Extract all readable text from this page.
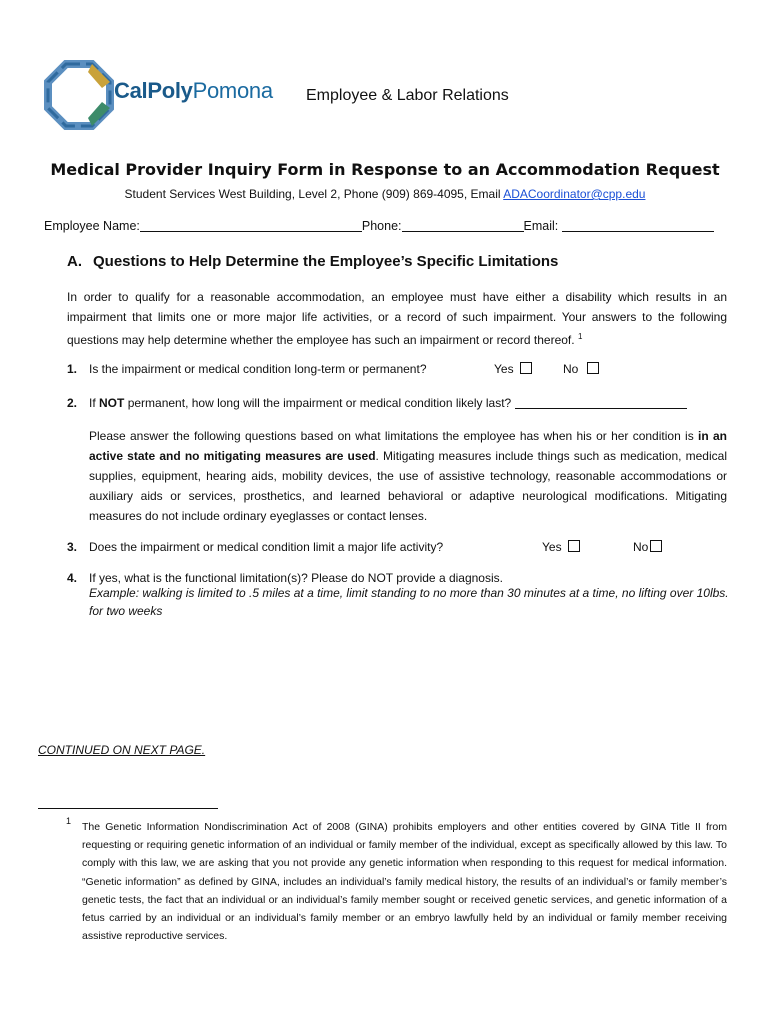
CalPolyPomona Employee & Labor Relations
Medical Provider Inquiry Form in Response to an Accommodation Request
Student Services West Building, Level 2, Phone (909) 869-4095, Email ADACoordinator@cpp.edu
Employee Name:	Phone:	Email:
A. Questions to Help Determine the Employee’s Specific Limitations
In order to qualify for a reasonable accommodation, an employee must have either a disability which results in an impairment that limits one or more major life activities, or a record of such impairment. Your answers to the following questions may help determine whether the employee has such an impairment or record thereof. $^1$
1. Is the impairment or medical condition long-term or permanent?	Yes	No
2. If NOT permanent, how long will the impairment or medical condition likely last?
Please answer the following questions based on what limitations the employee has when his or her condition is in an active state and no mitigating measures are used. Mitigating measures include things such as medication, medical supplies, equipment, hearing aids, mobility devices, the use of assistive technology, reasonable accommodations or auxiliary aids or services, prosthetics, and learned behavioral or adaptive neurological modifications. Mitigating measures do not include ordinary eyeglasses or contact lenses.
3. Does the impairment or medical condition limit a major life activity?	Yes	No
4. If yes, what is the functional limitation(s)? Please do NOT provide a diagnosis.
Example: walking is limited to .5 miles at a time, limit standing to no more than 30 minutes at a time, no lifting over 10lbs. for two weeks
CONTINUED ON NEXT PAGE.
1 The Genetic Information Nondiscrimination Act of 2008 (GINA) prohibits employers and other entities covered by GINA Title II from requesting or requiring genetic information of an individual or family member of the individual, except as specifically allowed by this law. To comply with this law, we are asking that you not provide any genetic information when responding to this request for medical information. “Genetic information” as defined by GINA, includes an individual’s family medical history, the results of an individual’s or family member’s genetic tests, the fact that an individual or an individual’s family member sought or received genetic services, and genetic information of a fetus carried by an individual or an individual’s family member or an embryo lawfully held by an individual or family member receiving assistive reproductive services.
